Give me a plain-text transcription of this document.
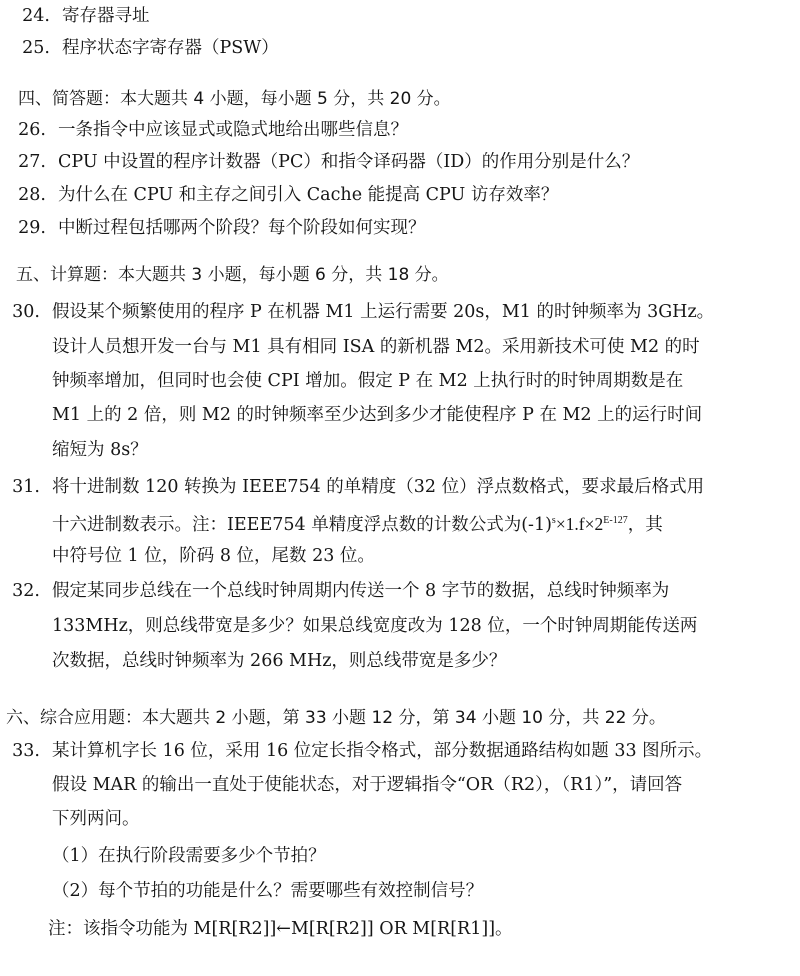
24. 寄存器寻址
25. 程序状态字寄存器（PSW）
四、简答题：本大题共 4 小题，每小题 5 分，共 20 分。
26. 一条指令中应该显式或隐式地给出哪些信息？
27. CPU 中设置的程序计数器（PC）和指令译码器（ID）的作用分别是什么？
28. 为什么在 CPU 和主存之间引入 Cache 能提高 CPU 访存效率？
29. 中断过程包括哪两个阶段？每个阶段如何实现？
五、计算题：本大题共 3 小题，每小题 6 分，共 18 分。
30. 假设某个频繁使用的程序 P 在机器 M1 上运行需要 20s，M1 的时钟频率为 3GHz。
设计人员想开发一台与 M1 具有相同 ISA 的新机器 M2。采用新技术可使 M2 的时
钟频率增加，但同时也会使 CPI 增加。假定 P 在 M2 上执行时的时钟周期数是在
M1 上的 2 倍，则 M2 的时钟频率至少达到多少才能使程序 P 在 M2 上的运行时间
缩短为 8s？
31. 将十进制数 120 转换为 IEEE754 的单精度（32 位）浮点数格式，要求最后格式用
十六进制数表示。注：IEEE754 单精度浮点数的计数公式为$(-1)^s\times 1.f\times 2^{E-127}$，其
中符号位 1 位，阶码 8 位，尾数 23 位。
32. 假定某同步总线在一个总线时钟周期内传送一个 8 字节的数据，总线时钟频率为
133MHz，则总线带宽是多少？如果总线宽度改为 128 位，一个时钟周期能传送两
次数据，总线时钟频率为 266 MHz，则总线带宽是多少？
六、综合应用题：本大题共 2 小题，第 33 小题 12 分，第 34 小题 10 分，共 22 分。
33. 某计算机字长 16 位，采用 16 位定长指令格式，部分数据通路结构如题 33 图所示。
假设 MAR 的输出一直处于使能状态，对于逻辑指令“OR（R2），（R1）”，请回答
下列两问。
（1）在执行阶段需要多少个节拍？
（2）每个节拍的功能是什么？需要哪些有效控制信号？
注：该指令功能为 M[R[R2]]←M[R[R2]] OR M[R[R1]]。
